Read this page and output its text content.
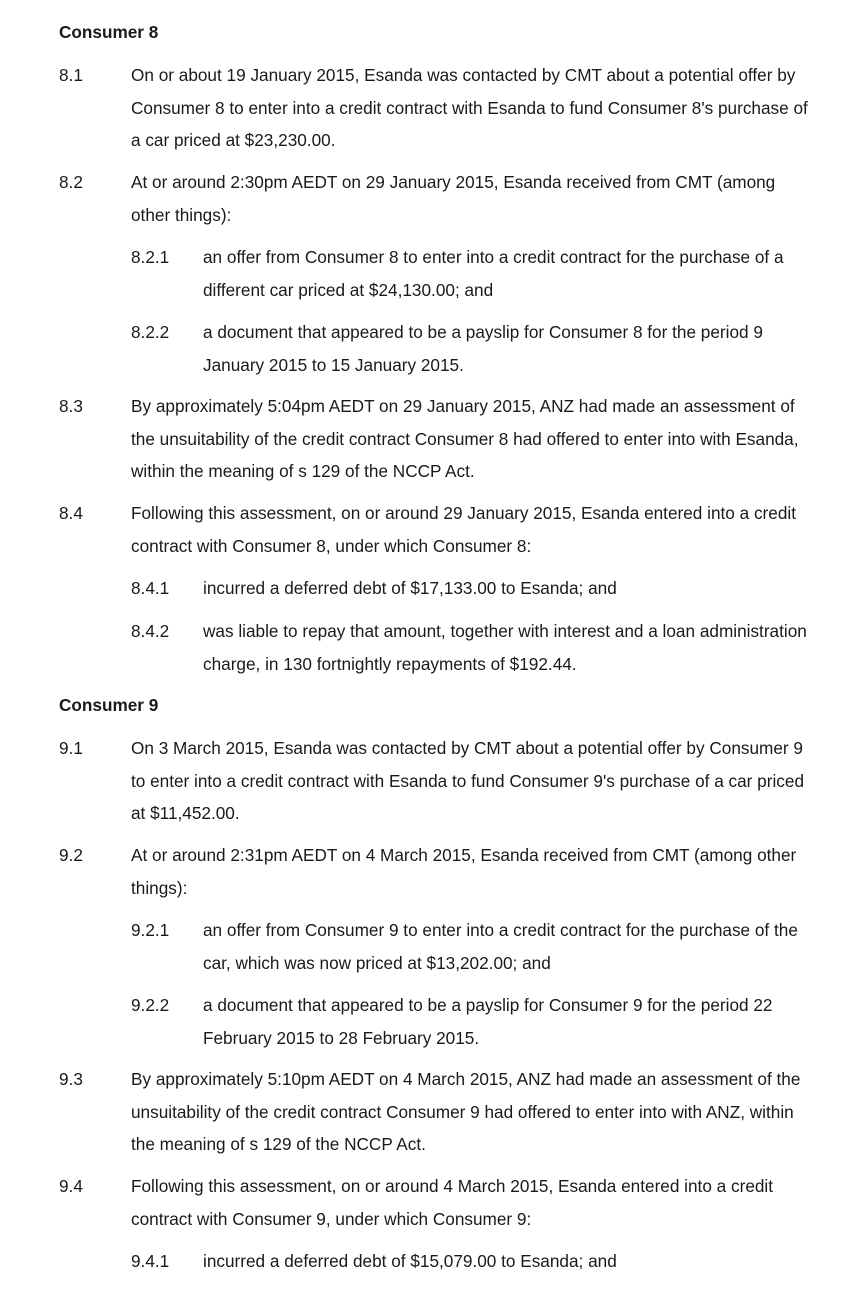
Consumer 8
8.1	On or about 19 January 2015, Esanda was contacted by CMT about a potential offer by Consumer 8 to enter into a credit contract with Esanda to fund Consumer 8's purchase of a car priced at $23,230.00.
8.2	At or around 2:30pm AEDT on 29 January 2015, Esanda received from CMT (among other things):
8.2.1 an offer from Consumer 8 to enter into a credit contract for the purchase of a different car priced at $24,130.00; and
8.2.2 a document that appeared to be a payslip for Consumer 8 for the period 9 January 2015 to 15 January 2015.
8.3	By approximately 5:04pm AEDT on 29 January 2015, ANZ had made an assessment of the unsuitability of the credit contract Consumer 8 had offered to enter into with Esanda, within the meaning of s 129 of the NCCP Act.
8.4	Following this assessment, on or around 29 January 2015, Esanda entered into a credit contract with Consumer 8, under which Consumer 8:
8.4.1 incurred a deferred debt of $17,133.00 to Esanda; and
8.4.2 was liable to repay that amount, together with interest and a loan administration charge, in 130 fortnightly repayments of $192.44.
Consumer 9
9.1	On 3 March 2015, Esanda was contacted by CMT about a potential offer by Consumer 9 to enter into a credit contract with Esanda to fund Consumer 9's purchase of a car priced at $11,452.00.
9.2	At or around 2:31pm AEDT on 4 March 2015, Esanda received from CMT (among other things):
9.2.1 an offer from Consumer 9 to enter into a credit contract for the purchase of the car, which was now priced at $13,202.00; and
9.2.2 a document that appeared to be a payslip for Consumer 9 for the period 22 February 2015 to 28 February 2015.
9.3	By approximately 5:10pm AEDT on 4 March 2015, ANZ had made an assessment of the unsuitability of the credit contract Consumer 9 had offered to enter into with ANZ, within the meaning of s 129 of the NCCP Act.
9.4	Following this assessment, on or around 4 March 2015, Esanda entered into a credit contract with Consumer 9, under which Consumer 9:
9.4.1 incurred a deferred debt of $15,079.00 to Esanda; and
